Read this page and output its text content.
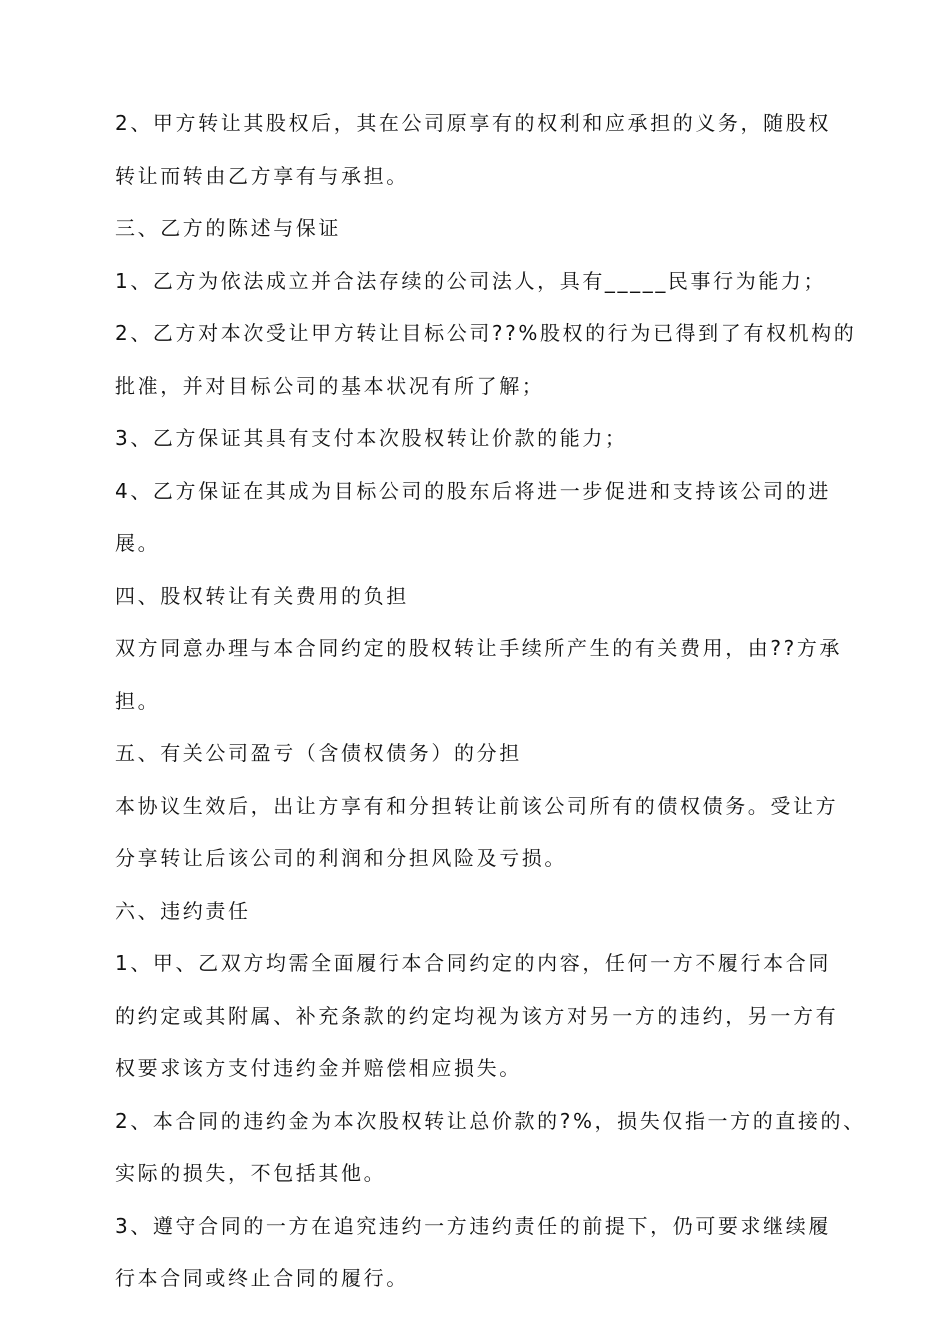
2、甲方转让其股权后，其在公司原享有的权利和应承担的义务，随股权
转让而转由乙方享有与承担。
三、乙方的陈述与保证
1、乙方为依法成立并合法存续的公司法人，具有_____民事行为能力；
2、乙方对本次受让甲方转让目标公司??%股权的行为已得到了有权机构的
批准，并对目标公司的基本状况有所了解；
3、乙方保证其具有支付本次股权转让价款的能力；
4、乙方保证在其成为目标公司的股东后将进一步促进和支持该公司的进
展。
四、股权转让有关费用的负担
双方同意办理与本合同约定的股权转让手续所产生的有关费用，由??方承
担。
五、有关公司盈亏（含债权债务）的分担
本协议生效后，出让方享有和分担转让前该公司所有的债权债务。受让方
分享转让后该公司的利润和分担风险及亏损。
六、违约责任
1、甲、乙双方均需全面履行本合同约定的内容，任何一方不履行本合同
的约定或其附属、补充条款的约定均视为该方对另一方的违约，另一方有
权要求该方支付违约金并赔偿相应损失。
2、本合同的违约金为本次股权转让总价款的?%，损失仅指一方的直接的、
实际的损失，不包括其他。
3、遵守合同的一方在追究违约一方违约责任的前提下，仍可要求继续履
行本合同或终止合同的履行。
